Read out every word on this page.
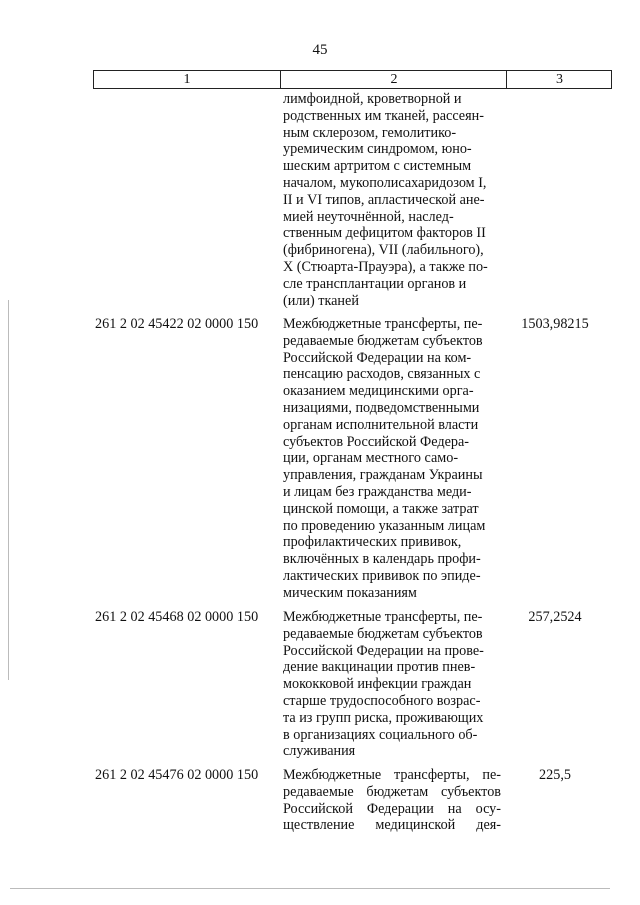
45
1	2	3
лимфоидной, кроветворной и
родственных им тканей, рассеян-
ным склерозом, гемолитико-
уремическим синдромом, юно-
шеским артритом с системным
началом, мукополисахаридозом I,
II и VI типов, апластической ане-
мией неуточнённой, наслед-
ственным дефицитом факторов II
(фибриногена), VII (лабильного),
X (Стюарта-Прауэра), а также по-
сле трансплантации органов и
(или) тканей
261 2 02 45422 02 0000 150 Межбюджетные трансферты, пе-
редаваемые бюджетам субъектов
Российской Федерации на ком-
пенсацию расходов, связанных с
оказанием медицинскими орга-
низациями, подведомственными
органам исполнительной власти
субъектов Российской Федера-
ции, органам местного само-
управления, гражданам Украины
и лицам без гражданства меди-
цинской помощи, а также затрат
по проведению указанным лицам
профилактических прививок,
включённых в календарь профи-
лактических прививок по эпиде-
мическим показаниям
1503,98215
261 2 02 45468 02 0000 150 Межбюджетные трансферты, пе-
редаваемые бюджетам субъектов
Российской Федерации на прове-
дение вакцинации против пнев-
мококковой инфекции граждан
старше трудоспособного возрас-
та из групп риска, проживающих
в организациях социального об-
служивания
257,2524
261 2 02 45476 02 0000 150 Межбюджетные трансферты, пе-
редаваемые бюджетам субъектов
Российской Федерации на осу-
ществление медицинской дея-
225,5
